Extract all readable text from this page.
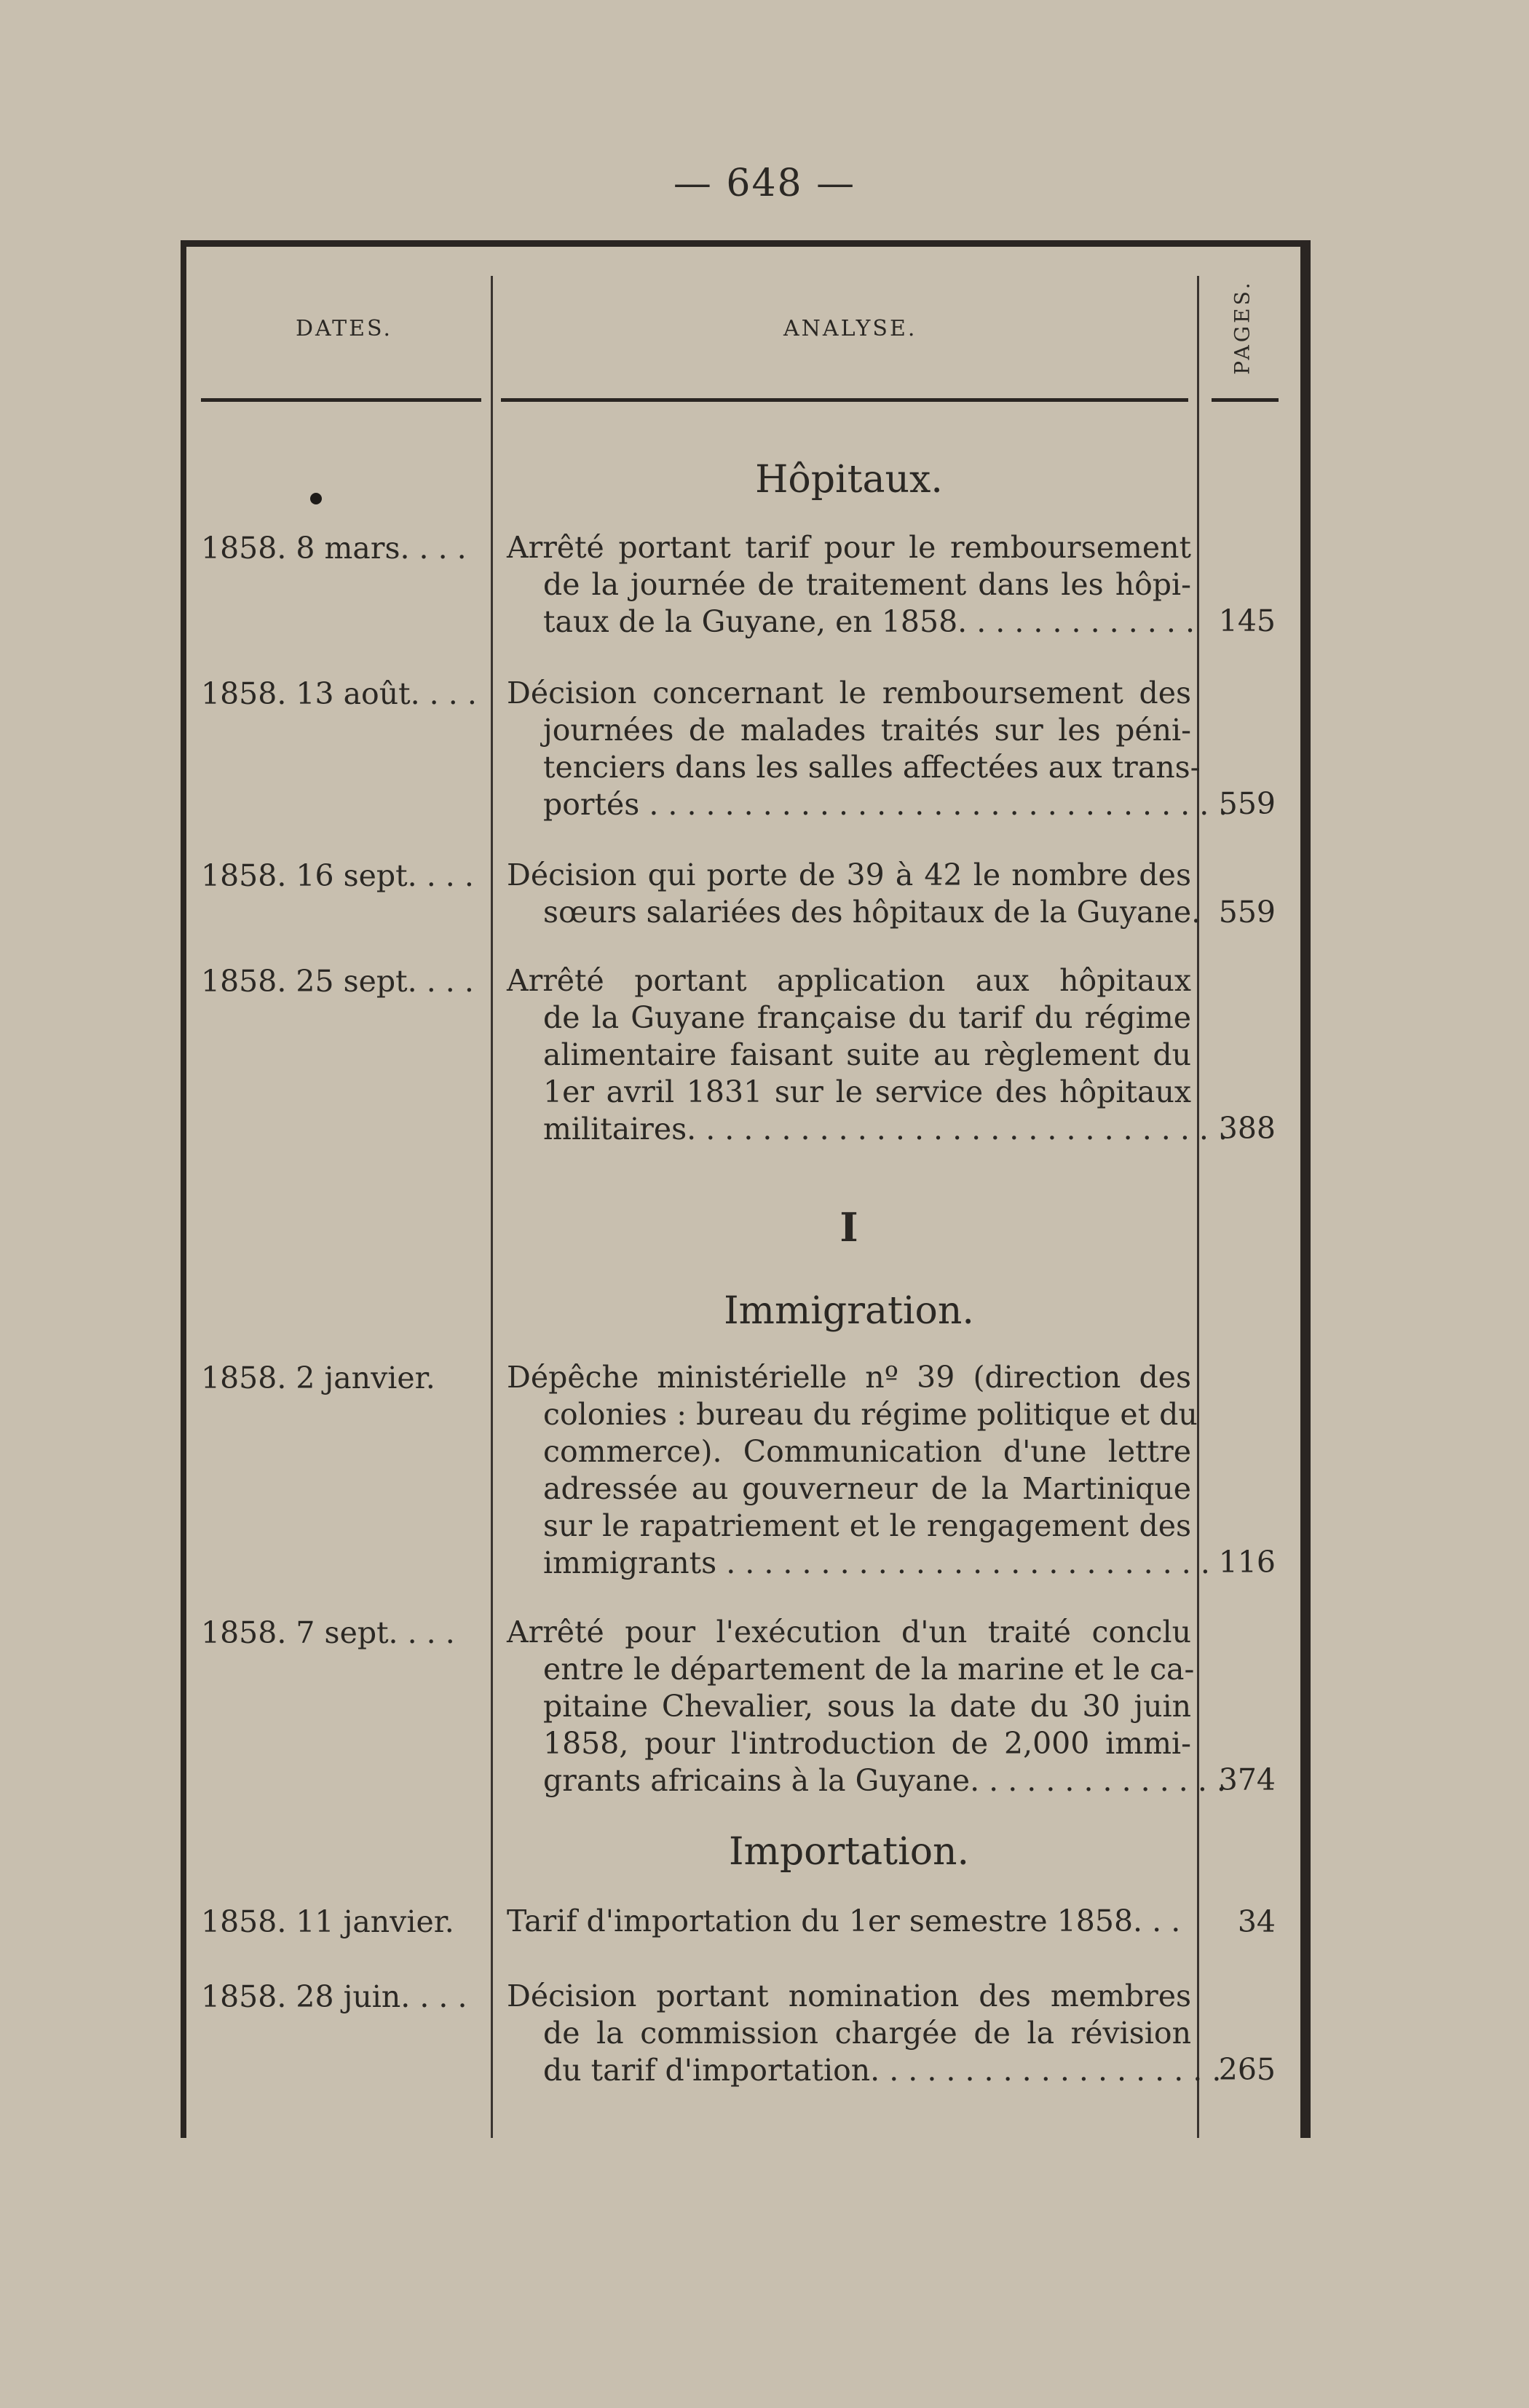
— 648 —
DATES.	ANALYSE.	PAGES.
Hôpitaux.
1858. 8 mars. . . .	Arrêté portant tarif pour le remboursement
de la journée de traitement dans les hôpi-
taux de la Guyane, en 1858. . . . . . . . . . . . . 145
1858. 13 août. . . . Décision concernant le remboursement des
journées de malades traités sur les péni-
tenciers dans les salles affectées aux trans-
portés . . . . . . . . . . . . . . . . . . . . . . . . . . . . . . .
559
1858. 16 sept. . . .	Décision qui porte de 39 à 42 le nombre des
sœurs salariées des hôpitaux de la Guyane. 559
1858. 25 sept. . . .	Arrêté portant application aux hôpitaux
de la Guyane française du tarif du régime
alimentaire faisant suite au règlement du
1er avril 1831 sur le service des hôpitaux
militaires. . . . . . . . . . . . . . . . . . . . . . . . . . . . .
388
I
Immigration.
1858. 2 janvier.	Dépêche ministérielle nº 39 (direction des
colonies : bureau du régime politique et du
commerce). Communication d'une lettre
adressée au gouverneur de la Martinique
sur le rapatriement et le rengagement des
immigrants . . . . . . . . . . . . . . . . . . . . . . . . . . 116
1858. 7 sept. . . .	Arrêté pour l'exécution d'un traité conclu
entre le département de la marine et le ca-
pitaine Chevalier, sous la date du 30 juin
1858, pour l'introduction de 2,000 immi-
grants africains à la Guyane. . . . . . . . . . . . . .
374
Importation.
1858. 11 janvier.	Tarif d'importation du 1er semestre 1858. . .	34
1858. 28 juin. . . .	Décision portant nomination des membres
de la commission chargée de la révision
du tarif d'importation. . . . . . . . . . . . . . . . . . .
265
